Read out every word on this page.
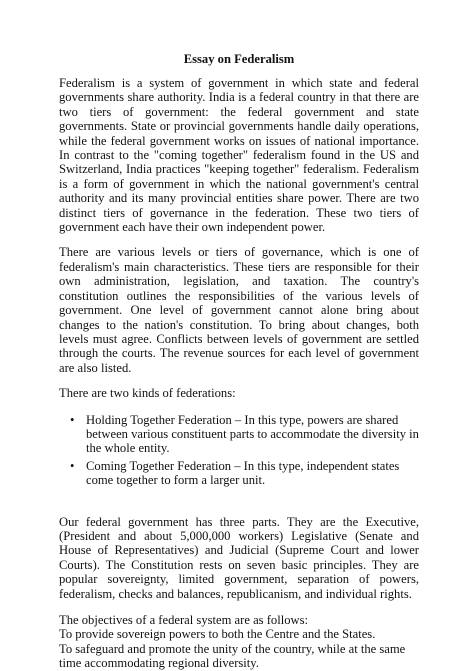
Essay on Federalism

Federalism is a system of government in which state and federal governments share authority. India is a federal country in that there are two tiers of government: the federal government and state governments. State or provincial governments handle daily operations, while the federal government works on issues of national importance. In contrast to the "coming together" federalism found in the US and Switzerland, India practices "keeping together" federalism. Federalism is a form of government in which the national government's central authority and its many provincial entities share power. There are two distinct tiers of governance in the federation. These two tiers of government each have their own independent power.

There are various levels or tiers of governance, which is one of federalism's main characteristics. These tiers are responsible for their own administration, legislation, and taxation. The country's constitution outlines the responsibilities of the various levels of government. One level of government cannot alone bring about changes to the nation's constitution. To bring about changes, both levels must agree. Conflicts between levels of government are settled through the courts. The revenue sources for each level of government are also listed.

There are two kinds of federations:

• Holding Together Federation – In this type, powers are shared between various constituent parts to accommodate the diversity in the whole entity.
• Coming Together Federation – In this type, independent states come together to form a larger unit.

Our federal government has three parts. They are the Executive, (President and about 5,000,000 workers) Legislative (Senate and House of Representatives) and Judicial (Supreme Court and lower Courts). The Constitution rests on seven basic principles. They are popular sovereignty, limited government, separation of powers, federalism, checks and balances, republicanism, and individual rights.

The objectives of a federal system are as follows:

To provide sovereign powers to both the Centre and the States.

To safeguard and promote the unity of the country, while at the same time accommodating regional diversity.
